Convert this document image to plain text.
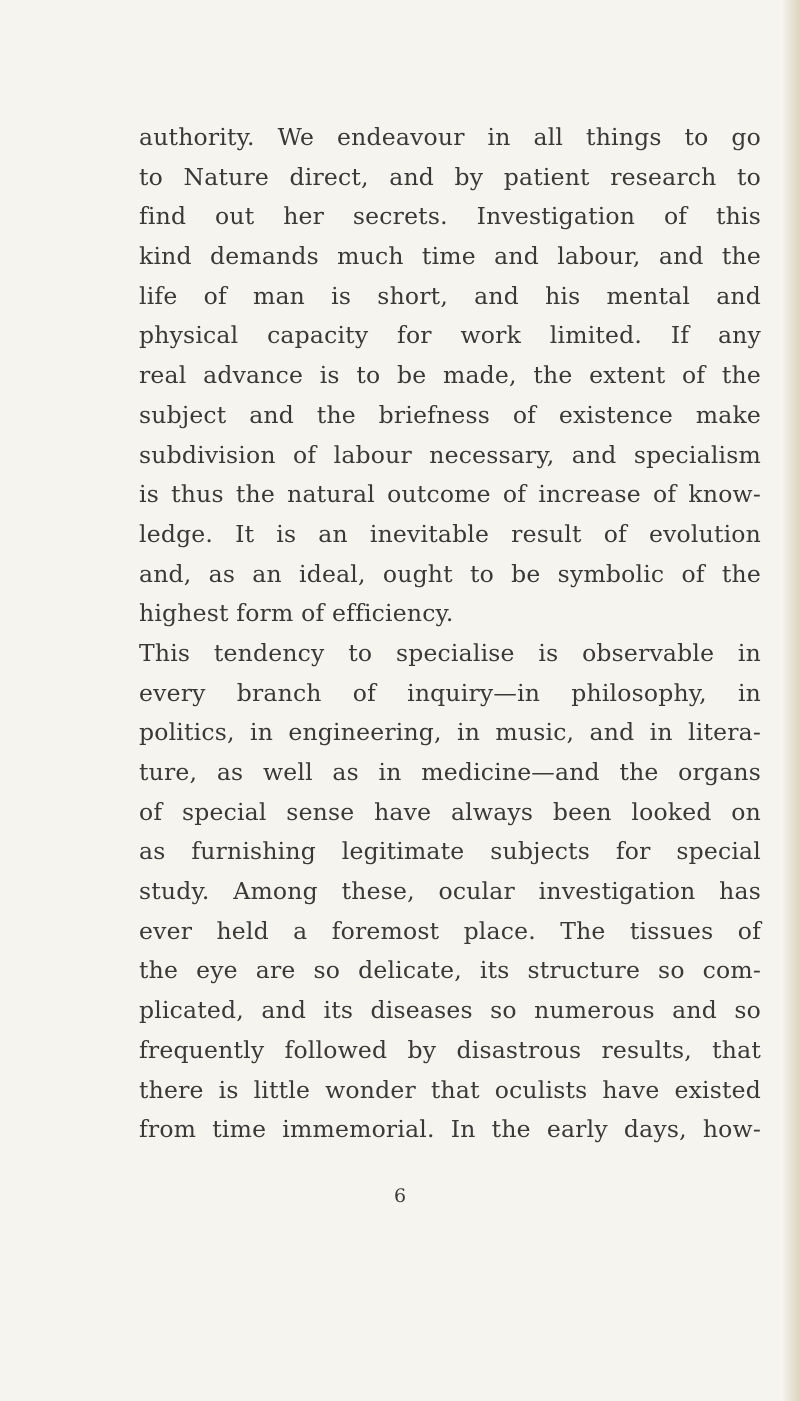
authority. We endeavour in all things to go
to Nature direct, and by patient research to
find out her secrets. Investigation of this
kind demands much time and labour, and the
life of man is short, and his mental and
physical capacity for work limited. If any
real advance is to be made, the extent of the
subject and the briefness of existence make
subdivision of labour necessary, and specialism
is thus the natural outcome of increase of know-
ledge. It is an inevitable result of evolution
and, as an ideal, ought to be symbolic of the
highest form of efficiency.
This tendency to specialise is observable in
every branch of inquiry—in philosophy, in
politics, in engineering, in music, and in litera-
ture, as well as in medicine—and the organs
of special sense have always been looked on
as furnishing legitimate subjects for special
study. Among these, ocular investigation has
ever held a foremost place. The tissues of
the eye are so delicate, its structure so com-
plicated, and its diseases so numerous and so
frequently followed by disastrous results, that
there is little wonder that oculists have existed
from time immemorial. In the early days, how-
6
